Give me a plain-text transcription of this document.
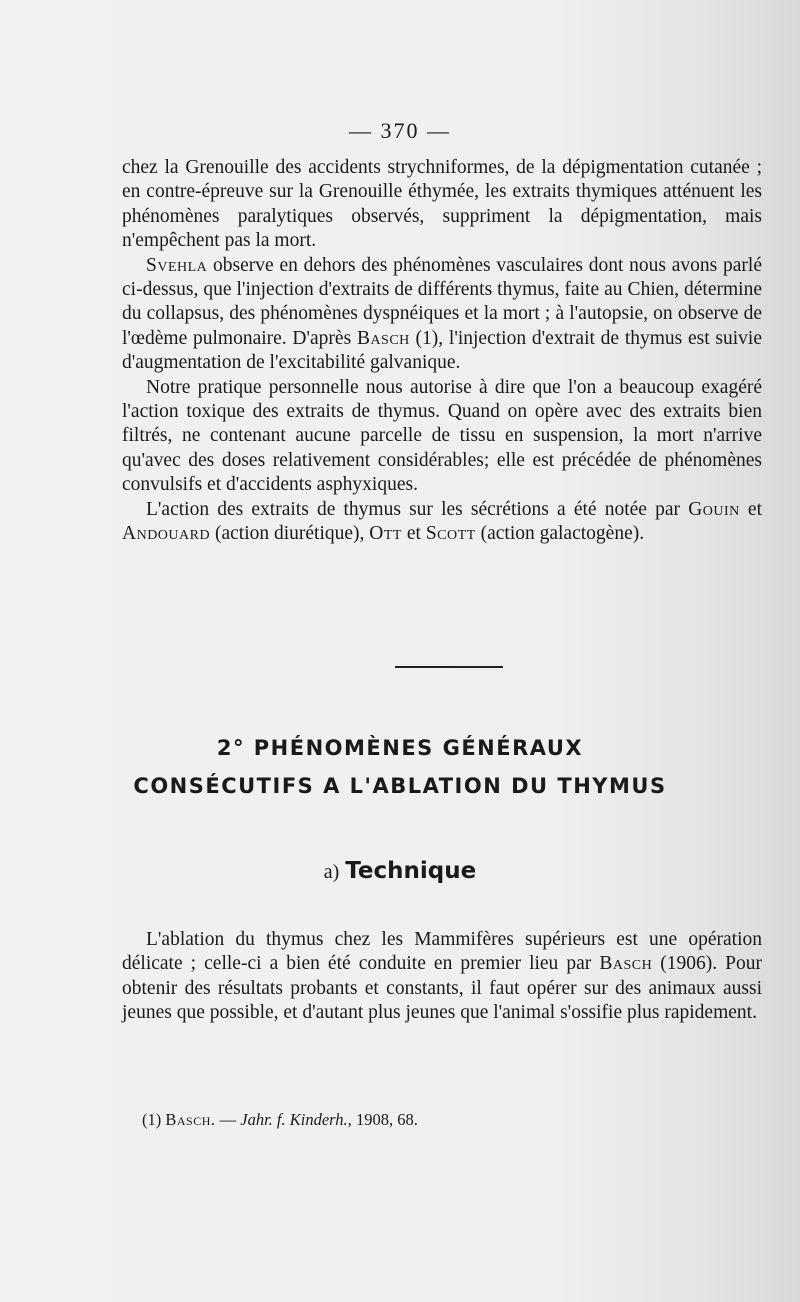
— 370 —

chez la Grenouille des accidents strychniformes, de la dépigmentation cutanée ; en contre-épreuve sur la Grenouille éthymée, les extraits thymiques atténuent les phénomènes paralytiques observés, suppriment la dépigmentation, mais n'empêchent pas la mort.

Svehla observe en dehors des phénomènes vasculaires dont nous avons parlé ci-dessus, que l'injection d'extraits de différents thymus, faite au Chien, détermine du collapsus, des phénomènes dyspnéiques et la mort ; à l'autopsie, on observe de l'œdème pulmonaire. D'après Basch (1), l'injection d'extrait de thymus est suivie d'augmentation de l'excitabilité galvanique.

Notre pratique personnelle nous autorise à dire que l'on a beaucoup exagéré l'action toxique des extraits de thymus. Quand on opère avec des extraits bien filtrés, ne contenant aucune parcelle de tissu en suspension, la mort n'arrive qu'avec des doses relativement considérables; elle est précédée de phénomènes convulsifs et d'accidents asphyxiques.

L'action des extraits de thymus sur les sécrétions a été notée par Gouin et Andouard (action diurétique), Ott et Scott (action galactogène).

2° PHÉNOMÈNES GÉNÉRAUX
CONSÉCUTIFS A L'ABLATION DU THYMUS
a) Technique

L'ablation du thymus chez les Mammifères supérieurs est une opération délicate ; celle-ci a bien été conduite en premier lieu par Basch (1906). Pour obtenir des résultats probants et constants, il faut opérer sur des animaux aussi jeunes que possible, et d'autant plus jeunes que l'animal s'ossifie plus rapidement.

(1) Basch. — Jahr. f. Kinderh., 1908, 68.
